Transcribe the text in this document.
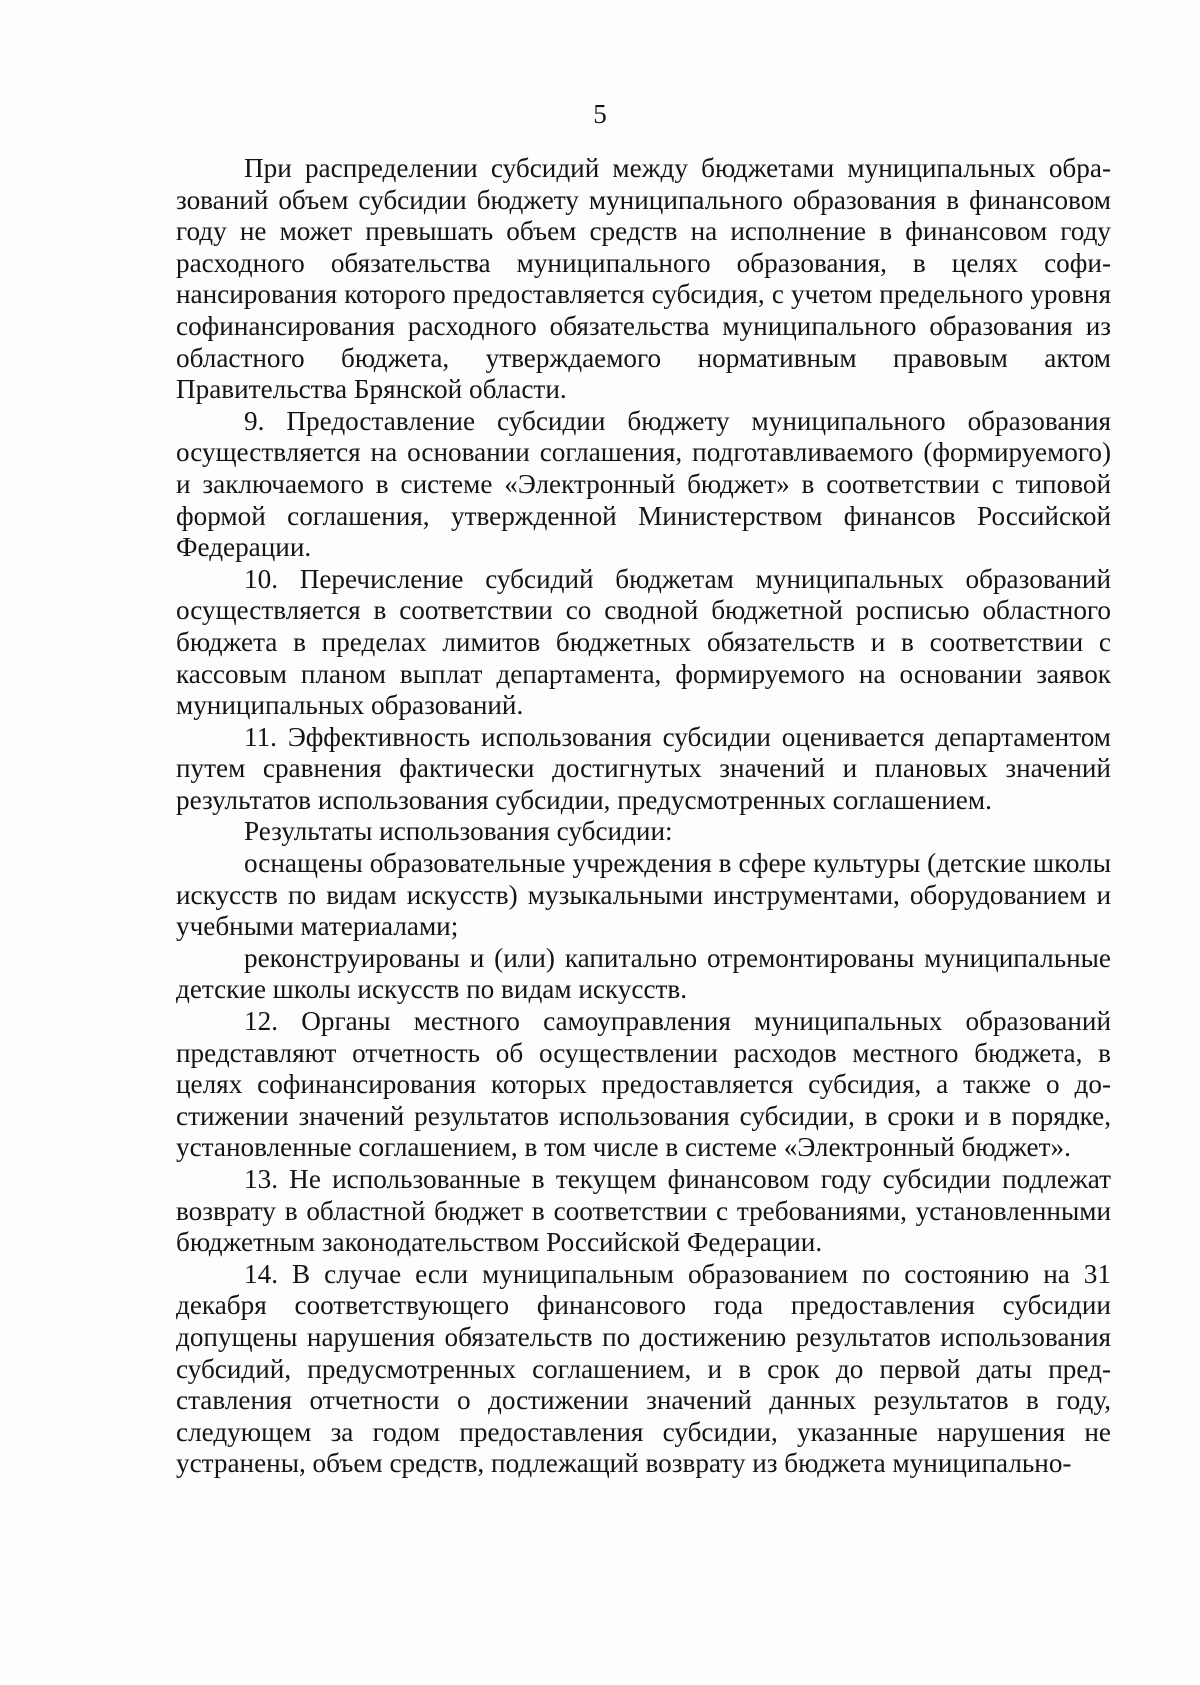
5

При распределении субсидий между бюджетами муниципальных образований объем субсидии бюджету муниципального образования в финансовом году не может превышать объем средств на исполнение в финансовом году расходного обязательства муниципального образования, в целях софинансирования которого предоставляется субсидия, с учетом предельного уровня софинансирования расходного обязательства муниципального образования из областного бюджета, утверждаемого нормативным правовым актом Правительства Брянской области.

9. Предоставление субсидии бюджету муниципального образования осуществляется на основании соглашения, подготавливаемого (формируемого) и заключаемого в системе «Электронный бюджет» в соответствии с типовой формой соглашения, утвержденной Министерством финансов Российской Федерации.

10. Перечисление субсидий бюджетам муниципальных образований осуществляется в соответствии со сводной бюджетной росписью областного бюджета в пределах лимитов бюджетных обязательств и в соответствии с кассовым планом выплат департамента, формируемого на основании заявок муниципальных образований.

11. Эффективность использования субсидии оценивается департаментом путем сравнения фактически достигнутых значений и плановых значений результатов использования субсидии, предусмотренных соглашением.

Результаты использования субсидии:

оснащены образовательные учреждения в сфере культуры (детские школы искусств по видам искусств) музыкальными инструментами, оборудованием и учебными материалами;

реконструированы и (или) капитально отремонтированы муниципальные детские школы искусств по видам искусств.

12. Органы местного самоуправления муниципальных образований представляют отчетность об осуществлении расходов местного бюджета, в целях софинансирования которых предоставляется субсидия, а также о достижении значений результатов использования субсидии, в сроки и в порядке, установленные соглашением, в том числе в системе «Электронный бюджет».

13. Не использованные в текущем финансовом году субсидии подлежат возврату в областной бюджет в соответствии с требованиями, установленными бюджетным законодательством Российской Федерации.

14. В случае если муниципальным образованием по состоянию на 31 декабря соответствующего финансового года предоставления субсидии допущены нарушения обязательств по достижению результатов использования субсидий, предусмотренных соглашением, и в срок до первой даты представления отчетности о достижении значений данных результатов в году, следующем за годом предоставления субсидии, указанные нарушения не устранены, объем средств, подлежащий возврату из бюджета муниципально-
